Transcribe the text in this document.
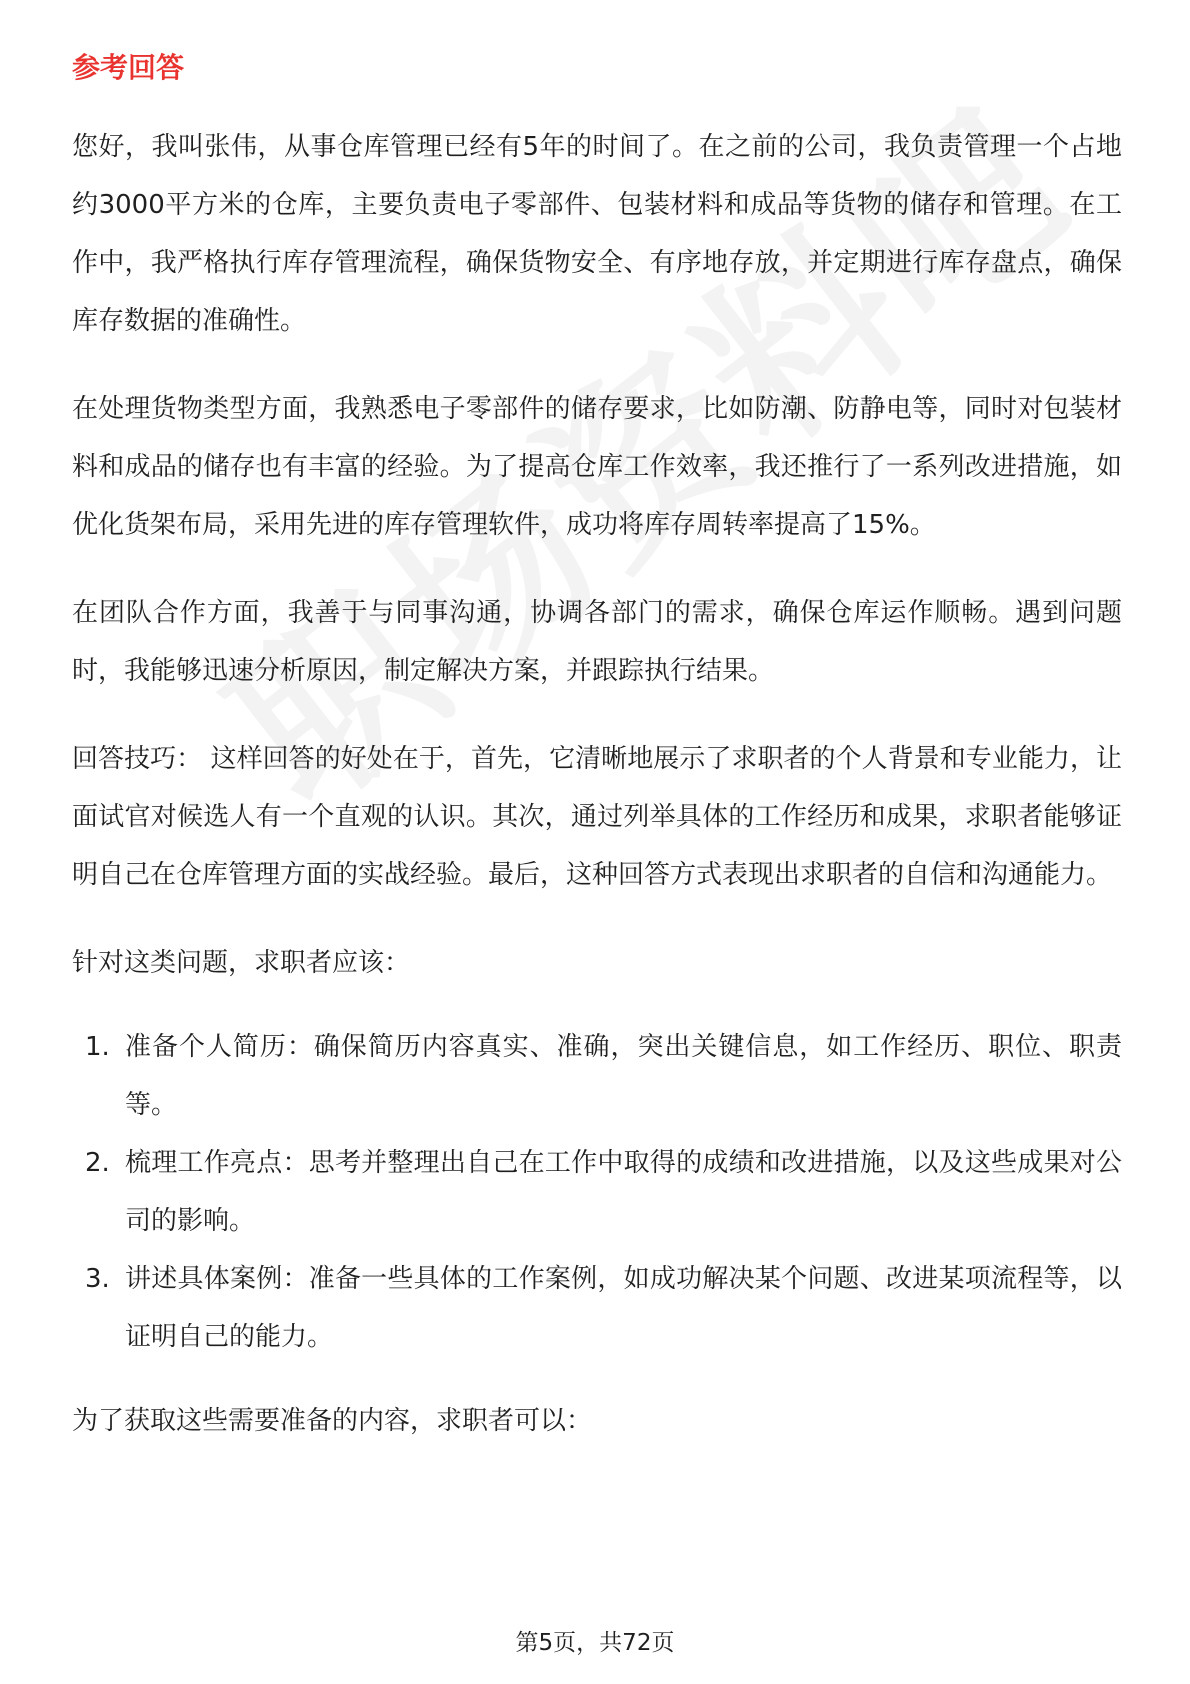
参考回答

您好，我叫张伟，从事仓库管理已经有5年的时间了。在之前的公司，我负责管理一个占地约3000平方米的仓库，主要负责电子零部件、包装材料和成品等货物的储存和管理。在工作中，我严格执行库存管理流程，确保货物安全、有序地存放，并定期进行库存盘点，确保库存数据的准确性。

在处理货物类型方面，我熟悉电子零部件的储存要求，比如防潮、防静电等，同时对包装材料和成品的储存也有丰富的经验。为了提高仓库工作效率，我还推行了一系列改进措施，如优化货架布局，采用先进的库存管理软件，成功将库存周转率提高了15%。

在团队合作方面，我善于与同事沟通，协调各部门的需求，确保仓库运作顺畅。遇到问题时，我能够迅速分析原因，制定解决方案，并跟踪执行结果。

回答技巧： 这样回答的好处在于，首先，它清晰地展示了求职者的个人背景和专业能力，让面试官对候选人有一个直观的认识。其次，通过列举具体的工作经历和成果，求职者能够证明自己在仓库管理方面的实战经验。最后，这种回答方式表现出求职者的自信和沟通能力。

针对这类问题，求职者应该：

1. 准备个人简历：确保简历内容真实、准确，突出关键信息，如工作经历、职位、职责等。
2. 梳理工作亮点：思考并整理出自己在工作中取得的成绩和改进措施，以及这些成果对公司的影响。
3. 讲述具体案例：准备一些具体的工作案例，如成功解决某个问题、改进某项流程等，以证明自己的能力。

为了获取这些需要准备的内容，求职者可以：

第5页，共72页
